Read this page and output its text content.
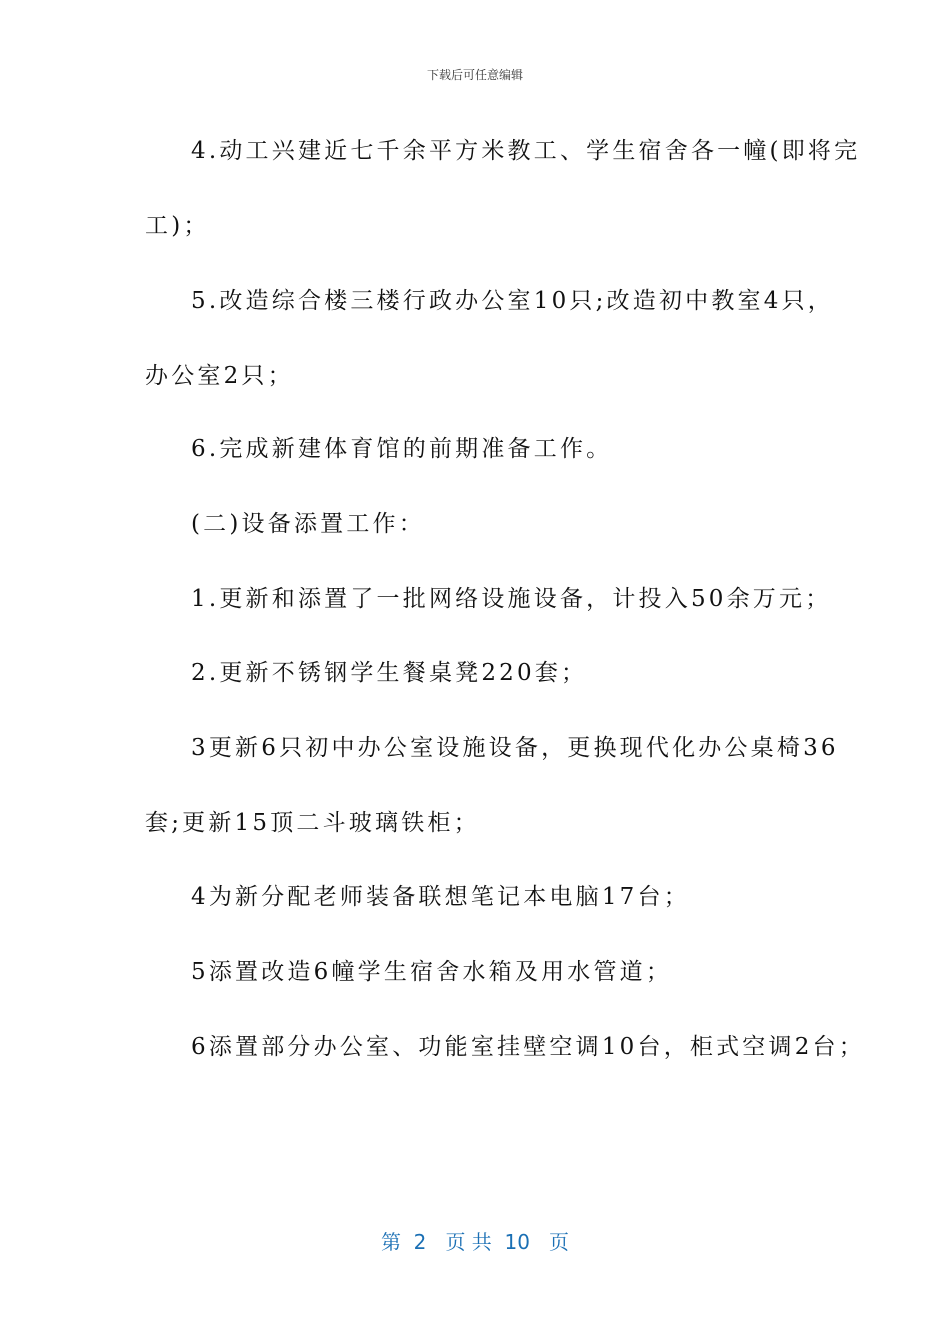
下载后可任意编辑
4.动工兴建近七千余平方米教工、学生宿舍各一幢(即将完
工)；
5.改造综合楼三楼行政办公室10只;改造初中教室4只，
办公室2只；
6.完成新建体育馆的前期准备工作。
(二)设备添置工作：
1.更新和添置了一批网络设施设备，计投入50余万元；
2.更新不锈钢学生餐桌凳220套；
3更新6只初中办公室设施设备，更换现代化办公桌椅36
套;更新15顶二斗玻璃铁柜；
4为新分配老师装备联想笔记本电脑17台；
5添置改造6幢学生宿舍水箱及用水管道；
6添置部分办公室、功能室挂壁空调10台，柜式空调2台；
第  2   页 共  10   页
